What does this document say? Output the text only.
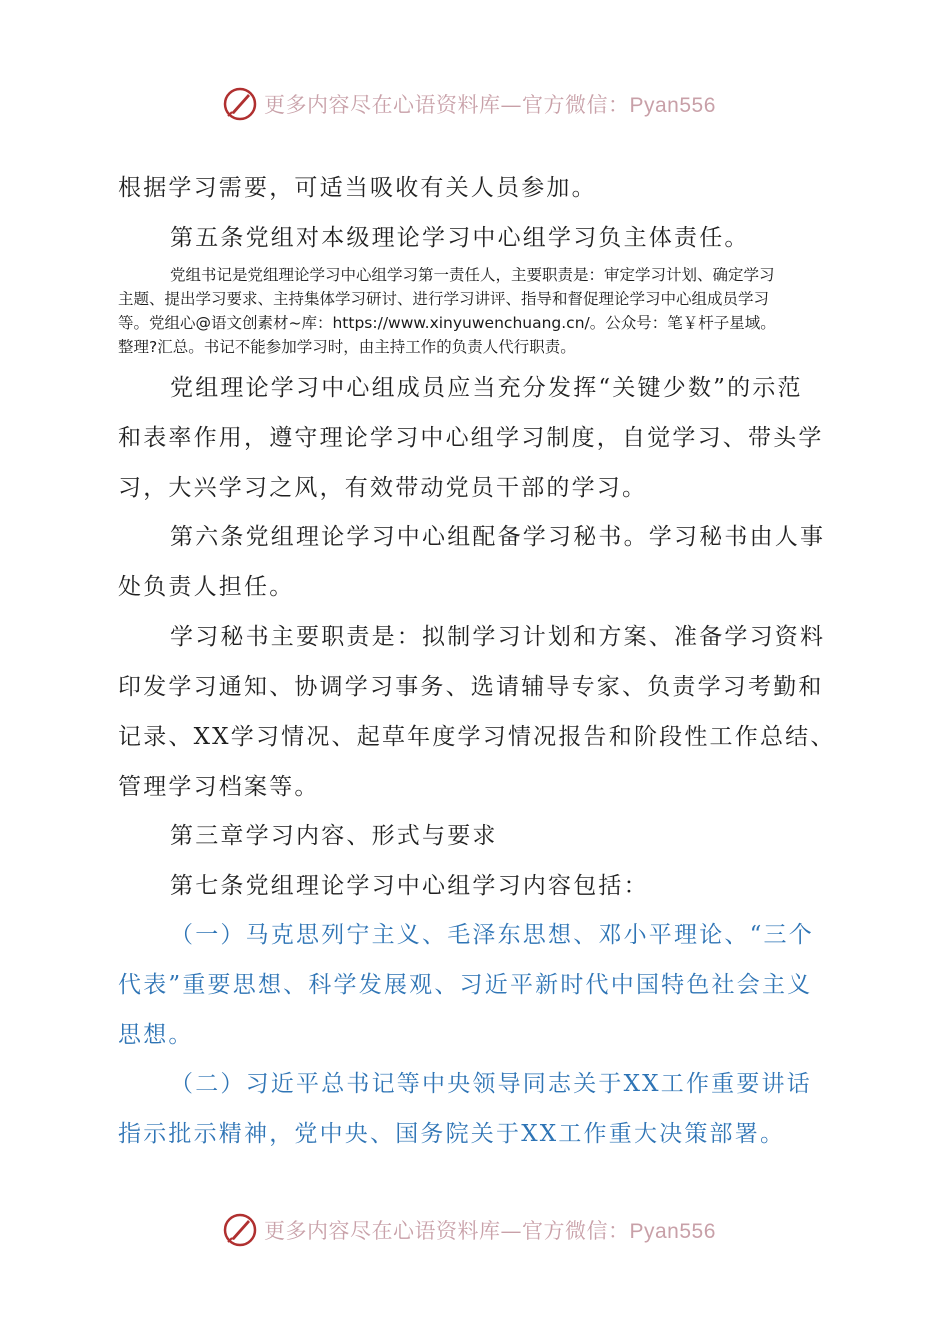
更多内容尽在心语资料库—官方微信：Pyan556
根据学习需要，可适当吸收有关人员参加。
第五条党组对本级理论学习中心组学习负主体责任。
党组书记是党组理论学习中心组学习第一责任人，主要职责是：审定学习计划、确定学习
主题、提出学习要求、主持集体学习研讨、进行学习讲评、指导和督促理论学习中心组成员学习
等。党组心@语文创素材~库：https://www.xinyuwenchuang.cn/。公众号：笔￥杆子星域。
整理?汇总。书记不能参加学习时，由主持工作的负责人代行职责。
党组理论学习中心组成员应当充分发挥“关键少数”的示范
和表率作用，遵守理论学习中心组学习制度，自觉学习、带头学
习，大兴学习之风，有效带动党员干部的学习。
第六条党组理论学习中心组配备学习秘书。学习秘书由人事
处负责人担任。
学习秘书主要职责是：拟制学习计划和方案、准备学习资料
印发学习通知、协调学习事务、选请辅导专家、负责学习考勤和
记录、XX学习情况、起草年度学习情况报告和阶段性工作总结、
管理学习档案等。
第三章学习内容、形式与要求
第七条党组理论学习中心组学习内容包括：
（一）马克思列宁主义、毛泽东思想、邓小平理论、“三个
代表”重要思想、科学发展观、习近平新时代中国特色社会主义
思想。
（二）习近平总书记等中央领导同志关于XX工作重要讲话
指示批示精神，党中央、国务院关于XX工作重大决策部署。
更多内容尽在心语资料库—官方微信：Pyan556
